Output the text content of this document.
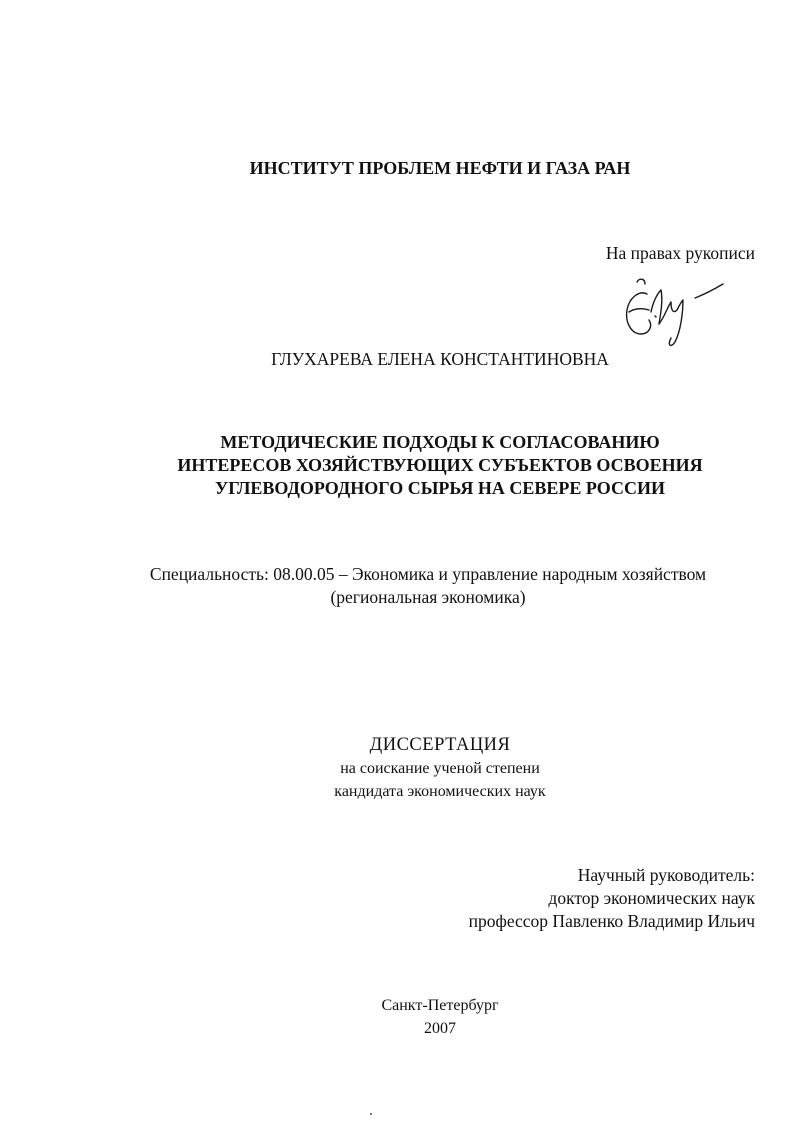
ИНСТИТУТ ПРОБЛЕМ НЕФТИ И ГАЗА РАН
На правах рукописи
ГЛУХАРЕВА ЕЛЕНА КОНСТАНТИНОВНА
МЕТОДИЧЕСКИЕ ПОДХОДЫ К СОГЛАСОВАНИЮ
ИНТЕРЕСОВ ХОЗЯЙСТВУЮЩИХ СУБЪЕКТОВ ОСВОЕНИЯ
УГЛЕВОДОРОДНОГО СЫРЬЯ НА СЕВЕРЕ РОССИИ
Специальность: 08.00.05 – Экономика и управление народным хозяйством
(региональная экономика)
ДИССЕРТАЦИЯ
на соискание ученой степени
кандидата экономических наук
Научный руководитель:
доктор экономических наук
профессор Павленко Владимир Ильич
Санкт-Петербург
2007
